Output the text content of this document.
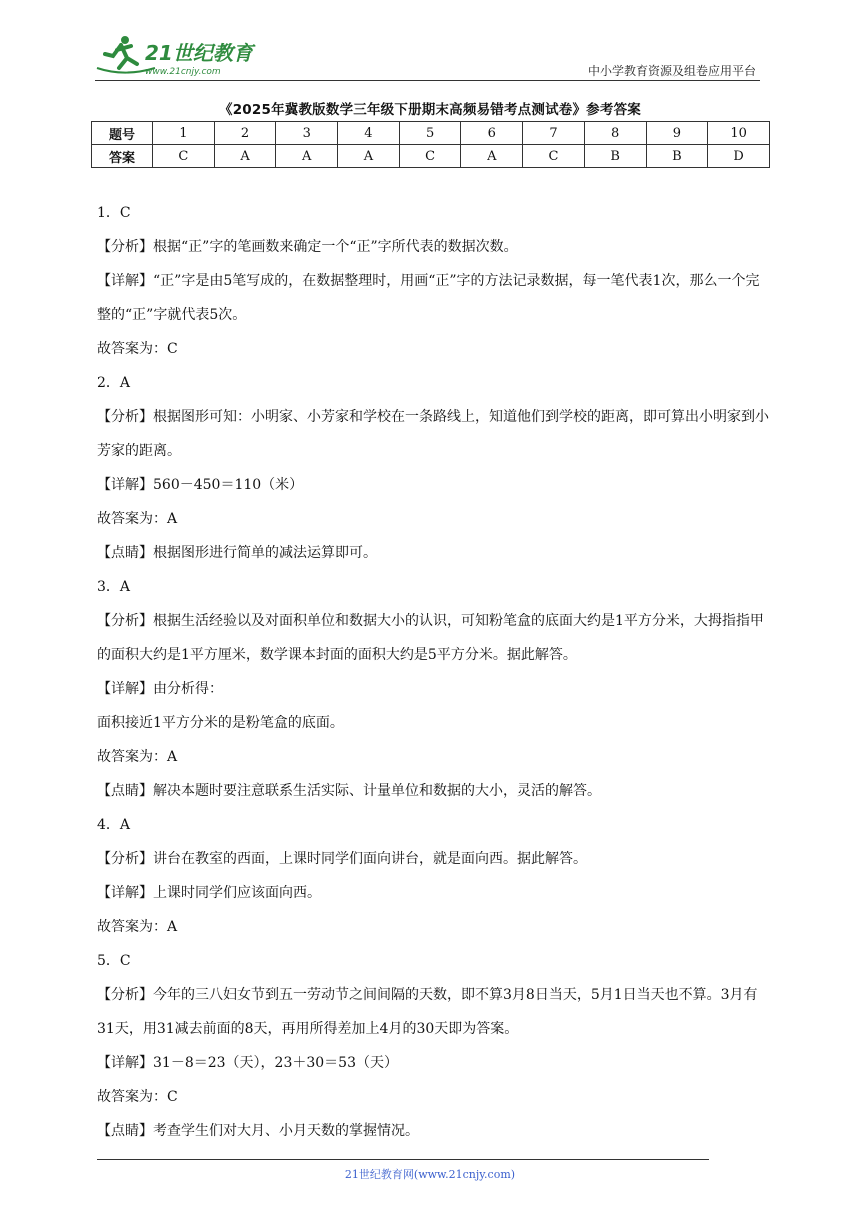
21世纪教育
www.21cnjy.com	中小学教育资源及组卷应用平台
《2025年冀教版数学三年级下册期末高频易错考点测试卷》参考答案
题号	1	2	3	4	5	6	7	8	9	10
答案	C	A	A	A	C	A	C	B	B	D

1．C

【分析】根据“正”字的笔画数来确定一个“正”字所代表的数据次数。

【详解】“正”字是由5笔写成的，在数据整理时，用画“正”字的方法记录数据，每一笔代表1次，那么一个完整的“正”字就代表5次。

故答案为：C

2．A

【分析】根据图形可知：小明家、小芳家和学校在一条路线上，知道他们到学校的距离，即可算出小明家到小芳家的距离。

【详解】560－450＝110（米）

故答案为：A

【点睛】根据图形进行简单的减法运算即可。

3．A

【分析】根据生活经验以及对面积单位和数据大小的认识，可知粉笔盒的底面大约是1平方分米，大拇指指甲的面积大约是1平方厘米，数学课本封面的面积大约是5平方分米。据此解答。

【详解】由分析得：

面积接近1平方分米的是粉笔盒的底面。

故答案为：A

【点睛】解决本题时要注意联系生活实际、计量单位和数据的大小，灵活的解答。

4．A

【分析】讲台在教室的西面，上课时同学们面向讲台，就是面向西。据此解答。

【详解】上课时同学们应该面向西。

故答案为：A

5．C

【分析】今年的三八妇女节到五一劳动节之间间隔的天数，即不算3月8日当天，5月1日当天也不算。3月有31天，用31减去前面的8天，再用所得差加上4月的30天即为答案。

【详解】31－8＝23（天），23＋30＝53（天）

故答案为：C

【点睛】考查学生们对大月、小月天数的掌握情况。

21世纪教育网(www.21cnjy.com)
